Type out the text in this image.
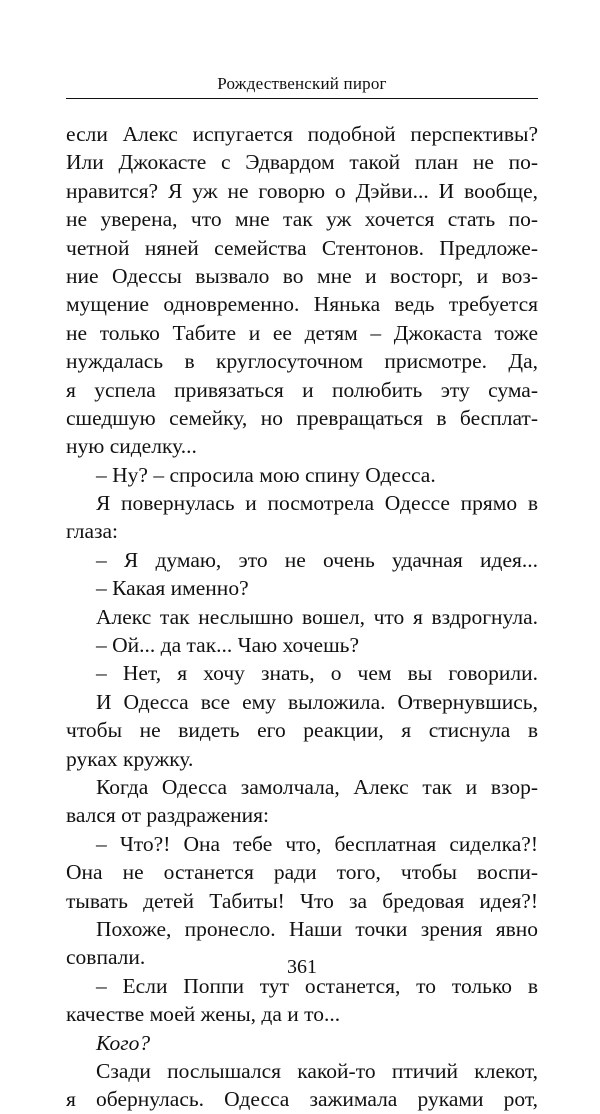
Рождественский пирог
если Алекс испугается подобной перспективы?
Или Джокасте с Эдвардом такой план не по-
нравится? Я уж не говорю о Дэйви... И вообще,
не уверена, что мне так уж хочется стать по-
четной няней семейства Стентонов. Предложе-
ние Одессы вызвало во мне и восторг, и воз-
мущение одновременно. Нянька ведь требуется
не только Табите и ее детям – Джокаста тоже
нуждалась в круглосуточном присмотре. Да,
я успела привязаться и полюбить эту сума-
сшедшую семейку, но превращаться в бесплат-
ную сиделку...
– Ну? – спросила мою спину Одесса.
Я повернулась и посмотрела Одессе прямо в
глаза:
– Я думаю, это не очень удачная идея...
– Какая именно?
Алекс так неслышно вошел, что я вздрогнула.
– Ой... да так... Чаю хочешь?
– Нет, я хочу знать, о чем вы говорили.
И Одесса все ему выложила. Отвернувшись,
чтобы не видеть его реакции, я стиснула в
руках кружку.
Когда Одесса замолчала, Алекс так и взор-
вался от раздражения:
– Что?! Она тебе что, бесплатная сиделка?!
Она не останется ради того, чтобы воспи-
тывать детей Табиты! Что за бредовая идея?!
Похоже, пронесло. Наши точки зрения явно
совпали.
– Если Поппи тут останется, то только в
качестве моей жены, да и то...
Кого?
Сзади послышался какой-то птичий клекот,
я обернулась. Одесса зажимала руками рот,
361
